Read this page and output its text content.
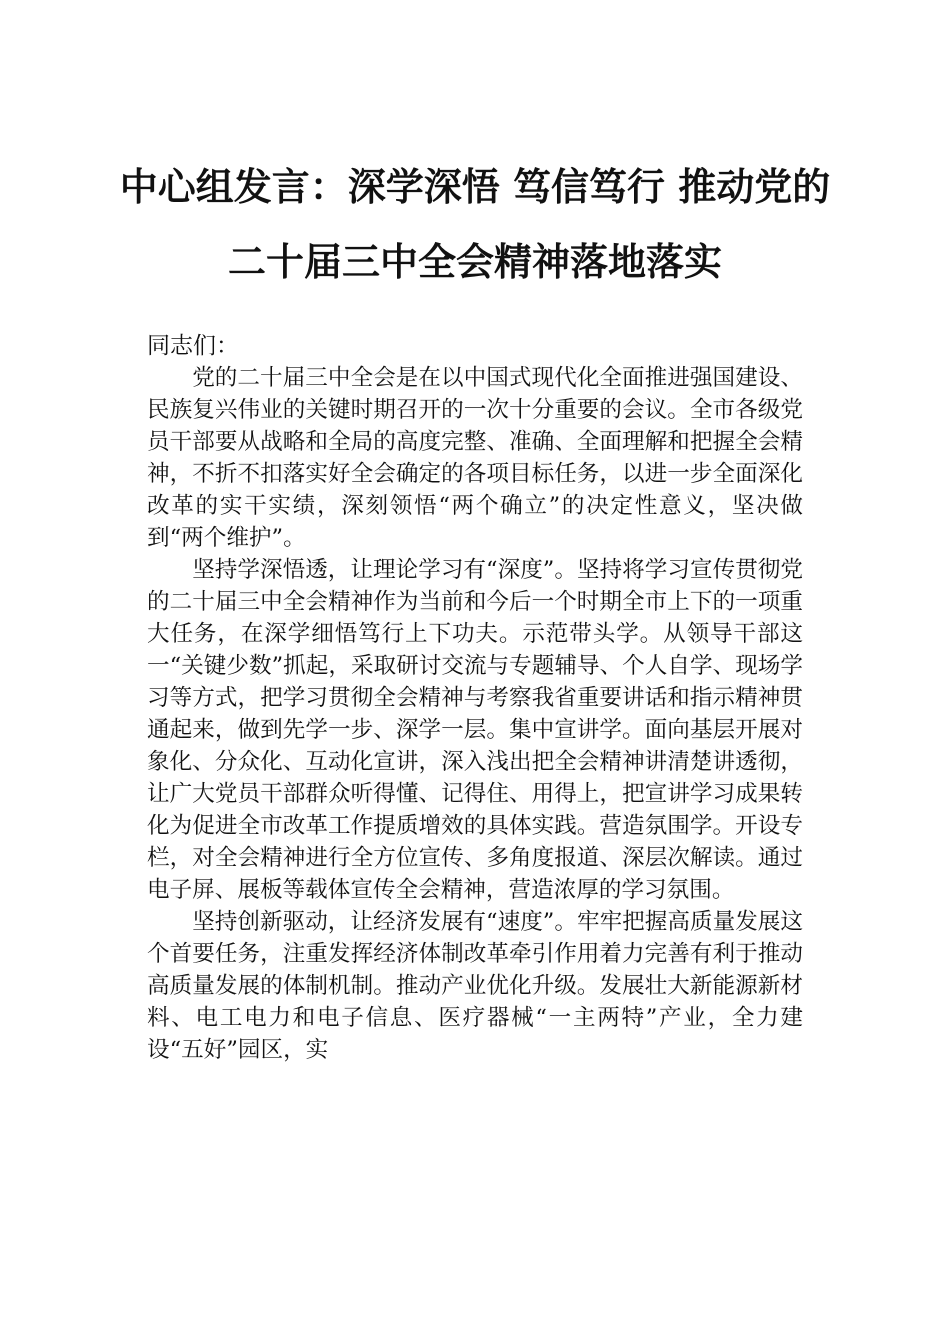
中心组发言：深学深悟 笃信笃行 推动党的
二十届三中全会精神落地落实

同志们：

党的二十届三中全会是在以中国式现代化全面推进强国建设、民族复兴伟业的关键时期召开的一次十分重要的会议。全市各级党员干部要从战略和全局的高度完整、准确、全面理解和把握全会精神，不折不扣落实好全会确定的各项目标任务，以进一步全面深化改革的实干实绩，深刻领悟“两个确立”的决定性意义，坚决做到“两个维护”。

坚持学深悟透，让理论学习有“深度”。坚持将学习宣传贯彻党的二十届三中全会精神作为当前和今后一个时期全市上下的一项重大任务，在深学细悟笃行上下功夫。示范带头学。从领导干部这一“关键少数”抓起，采取研讨交流与专题辅导、个人自学、现场学习等方式，把学习贯彻全会精神与考察我省重要讲话和指示精神贯通起来，做到先学一步、深学一层。集中宣讲学。面向基层开展对象化、分众化、互动化宣讲，深入浅出把全会精神讲清楚讲透彻，让广大党员干部群众听得懂、记得住、用得上，把宣讲学习成果转化为促进全市改革工作提质增效的具体实践。营造氛围学。开设专栏，对全会精神进行全方位宣传、多角度报道、深层次解读。通过电子屏、展板等载体宣传全会精神，营造浓厚的学习氛围。

坚持创新驱动，让经济发展有“速度”。牢牢把握高质量发展这个首要任务，注重发挥经济体制改革牵引作用着力完善有利于推动高质量发展的体制机制。推动产业优化升级。发展壮大新能源新材料、电工电力和电子信息、医疗器械“一主两特”产业，全力建设“五好”园区，实
